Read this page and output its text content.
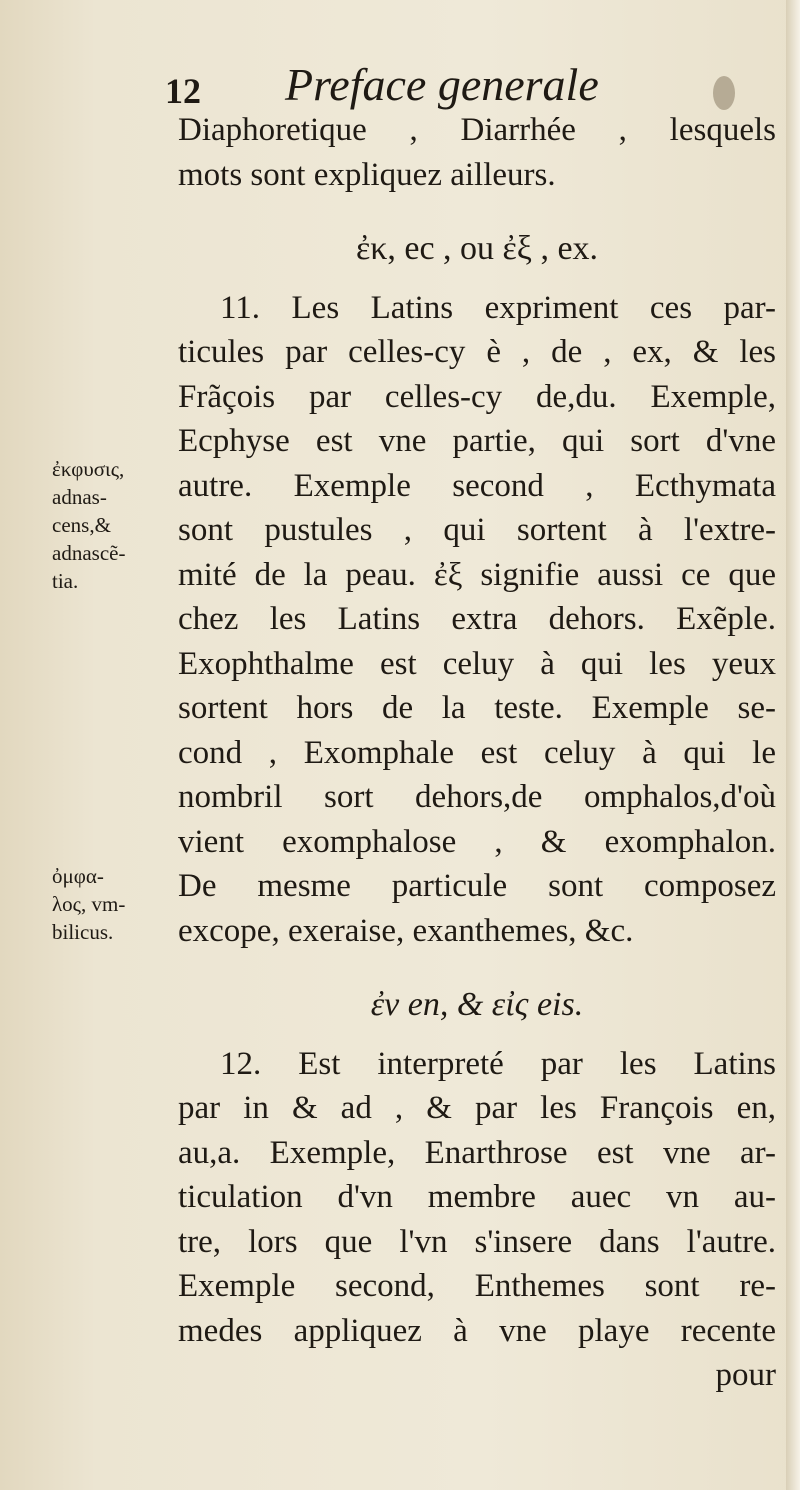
12 Preface generale
Diaphoretique , Diarrhée , lesquels
mots sont expliquez ailleurs.
ἐκ, ec , ou ἐξ , ex.
11. Les Latins expriment ces par-
ticules par celles-cy è , de , ex, & les
Frãçois par celles-cy de,du. Exemple,
Ecphyse est vne partie, qui sort d'vne
autre. Exemple second , Ecthymata
sont pustules , qui sortent à l'extre-
mité de la peau. ἐξ signifie aussi ce que
chez les Latins extra dehors. Exẽple.
Exophthalme est celuy à qui les yeux
sortent hors de la teste. Exemple se-
cond , Exomphale est celuy à qui le
nombril sort dehors,de omphalos,d'où
vient exomphalose , & exomphalon.
De mesme particule sont composez
excope, exeraise, exanthemes, &c.
ἐν en, & εἰς eis.
12. Est interpreté par les Latins
par in & ad , & par les François en,
au,a. Exemple, Enarthrose est vne ar-
ticulation d'vn membre auec vn au-
tre, lors que l'vn s'insere dans l'autre.
Exemple second, Enthemes sont re-
medes appliquez à vne playe recente
pour
ἐκφυσις,
adnas-
cens,&
adnascẽ-
tia.
ὀμφα-
λος, vm-
bilicus.
